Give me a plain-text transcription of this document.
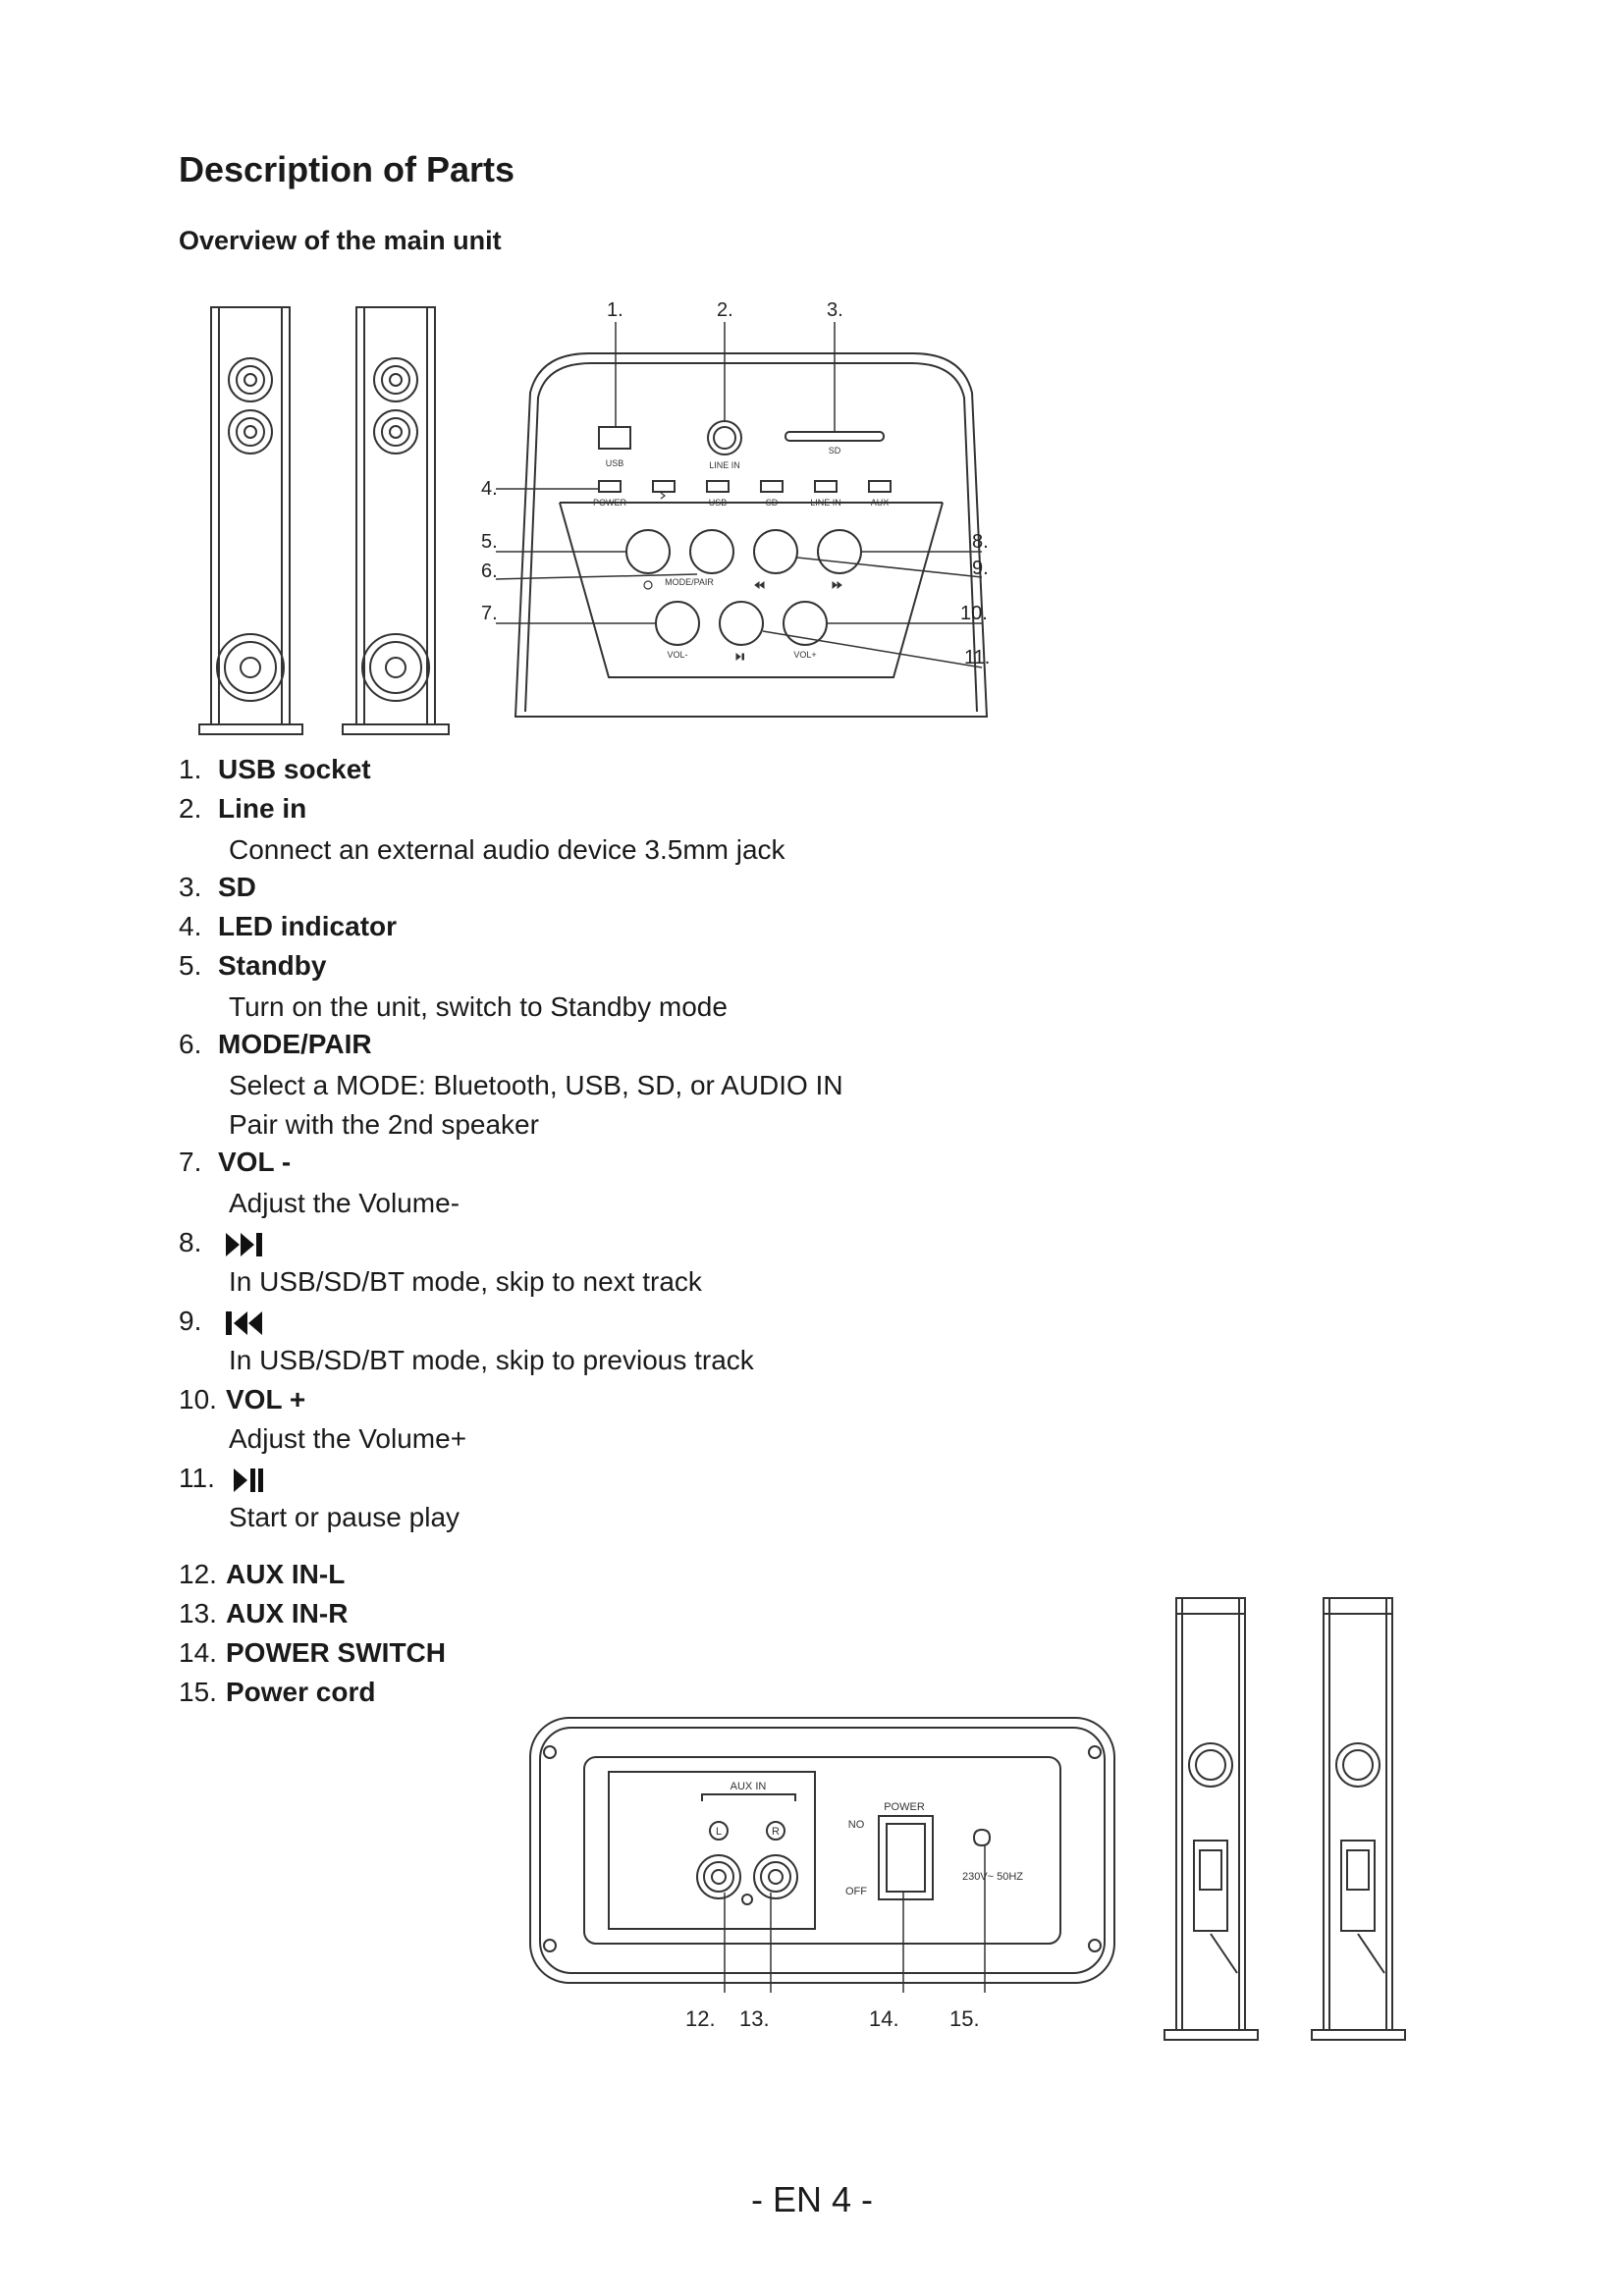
Description of Parts
Overview of the main unit
USB	LINE IN
SD
POWER	USB	SD	LINE IN	AUX
MODE/PAIR
VOL-	VOL+
1.	2.	3.
4.
5.
6.
7.
8.
9.
10.
11.
1. USB socket
2. Line in
Connect an external audio device 3.5mm jack
3. SD
4. LED indicator
5. Standby
Turn on the unit, switch to Standby mode
6. MODE/PAIR
Select a MODE: Bluetooth, USB, SD, or AUDIO IN
Pair with the 2nd speaker
7. VOL -
Adjust the Volume-
8.
In USB/SD/BT mode, skip to next track
9.
In USB/SD/BT mode, skip to previous track
10. VOL +
Adjust the Volume+
11.
Start or pause play
12. AUX IN-L
13. AUX IN-R
14. POWER SWITCH
15. Power cord
AUX IN
L	R
POWER
NO
OFF
230V~ 50HZ
12. 13.	14. 15.
- EN 4 -
